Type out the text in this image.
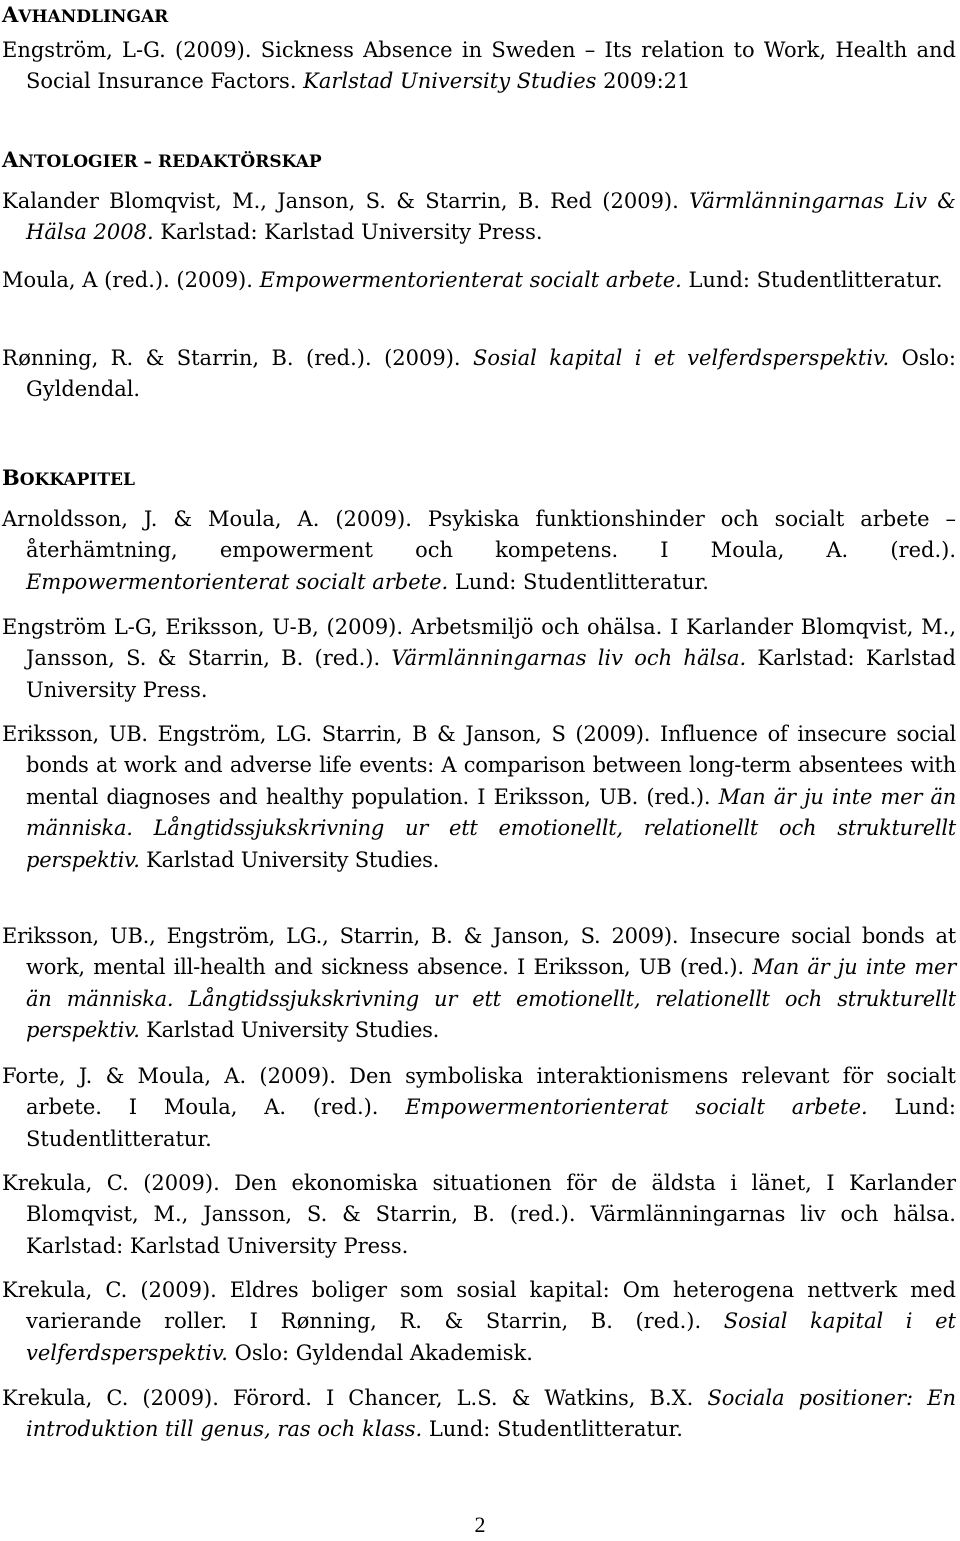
AVHANDLINGAR
Engström, L-G. (2009). Sickness Absence in Sweden – Its relation to Work, Health and Social Insurance Factors. Karlstad University Studies 2009:21
ANTOLOGIER – REDAKTÖRSKAP
Kalander Blomqvist, M., Janson, S. & Starrin, B. Red (2009). Värmlänningarnas Liv & Hälsa 2008. Karlstad: Karlstad University Press.
Moula, A (red.). (2009). Empowermentorienterat socialt arbete. Lund: Studentlitteratur.
Rønning, R. & Starrin, B. (red.). (2009). Sosial kapital i et velferdsperspektiv. Oslo: Gyldendal.
BOKKAPITEL
Arnoldsson, J. & Moula, A. (2009). Psykiska funktionshinder och socialt arbete – återhämtning, empowerment och kompetens. I Moula, A. (red.). Empowermentorienterat socialt arbete. Lund: Studentlitteratur.
Engström L-G, Eriksson, U-B, (2009). Arbetsmiljö och ohälsa. I Karlander Blomqvist, M., Jansson, S. & Starrin, B. (red.). Värmlänningarnas liv och hälsa. Karlstad: Karlstad University Press.
Eriksson, UB. Engström, LG. Starrin, B & Janson, S (2009). Influence of insecure social bonds at work and adverse life events: A comparison between long-term absentees with mental diagnoses and healthy population. I Eriksson, UB. (red.). Man är ju inte mer än människa. Långtidssjukskrivning ur ett emotionellt, relationellt och strukturellt perspektiv. Karlstad University Studies.
Eriksson, UB., Engström, LG., Starrin, B. & Janson, S. 2009). Insecure social bonds at work, mental ill-health and sickness absence. I Eriksson, UB (red.). Man är ju inte mer än människa. Långtidssjukskrivning ur ett emotionellt, relationellt och strukturellt perspektiv. Karlstad University Studies.
Forte, J. & Moula, A. (2009). Den symboliska interaktionismens relevant för socialt arbete. I Moula, A. (red.). Empowermentorienterat socialt arbete. Lund: Studentlitteratur.
Krekula, C. (2009). Den ekonomiska situationen för de äldsta i länet, I Karlander Blomqvist, M., Jansson, S. & Starrin, B. (red.). Värmlänningarnas liv och hälsa. Karlstad: Karlstad University Press.
Krekula, C. (2009). Eldres boliger som sosial kapital: Om heterogena nettverk med varierande roller. I Rønning, R. & Starrin, B. (red.). Sosial kapital i et velferdsperspektiv. Oslo: Gyldendal Akademisk.
Krekula, C. (2009). Förord. I Chancer, L.S. & Watkins, B.X. Sociala positioner: En introduktion till genus, ras och klass. Lund: Studentlitteratur.
2
